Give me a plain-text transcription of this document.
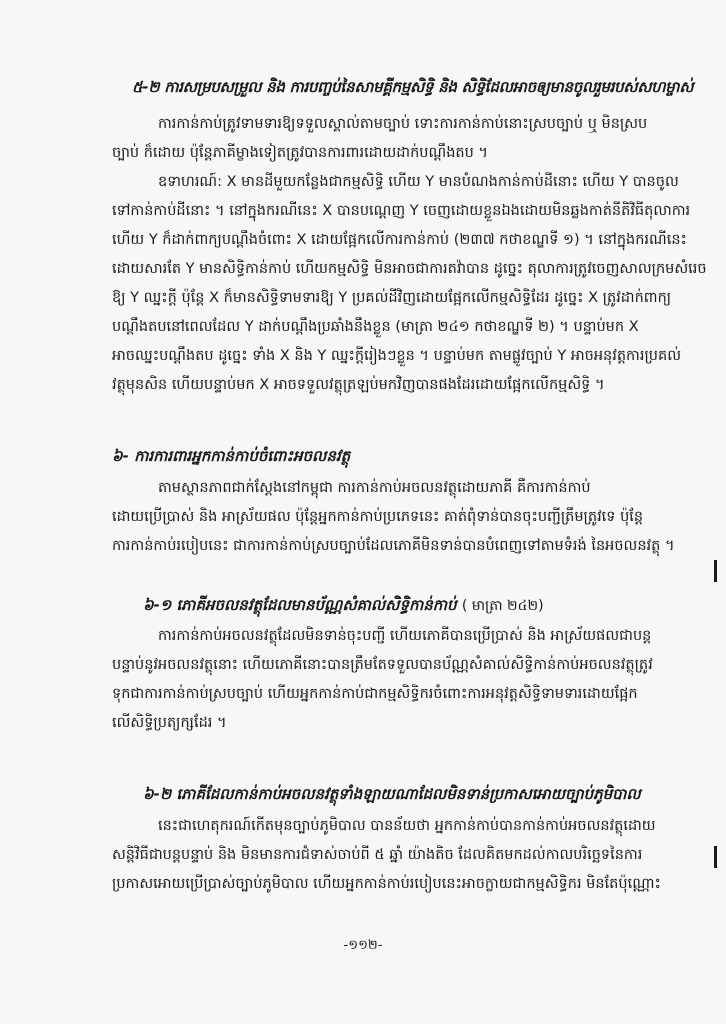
៥-២ ការសម្របសម្រួល និង ការបញ្ចប់នៃសាមគ្គីកម្មសិទ្ធិ និង សិទ្ធិដែលអាចឲ្យមានចូលរួមរបស់សហម្ចាស់
ការកាន់កាប់ត្រូវទាមទារឱ្យទទួលស្គាល់តាមច្បាប់ ទោះការកាន់កាប់នោះស្របច្បាប់ ឬ មិនស្រប
ច្បាប់ ក៏ដោយ ប៉ុន្តែភាគីម្ខាងទៀតត្រូវបានការពារដោយដាក់បណ្តឹងតប ។
ឧទាហរណ៍: X មានដីមួយកន្លែងជាកម្មសិទ្ធិ ហើយ Y មានបំណងកាន់កាប់ដីនោះ ហើយ Y បានចូល
ទៅកាន់កាប់ដីនោះ ។ នៅក្នុងករណីនេះ X បានបណ្តេញ Y ចេញដោយខ្លួនឯងដោយមិនឆ្លងកាត់នីតិវិធីតុលាការ
ហើយ Y ក៏ដាក់ពាក្យបណ្តឹងចំពោះ X ដោយផ្អែកលើការកាន់កាប់ (២៣៧ កថាខណ្ឌទី ១) ។ នៅក្នុងករណីនេះ
ដោយសារតែ Y មានសិទ្ធិកាន់កាប់ ហើយកម្មសិទ្ធិ មិនអាចជាការតវ៉ាបាន ដូច្នេះ តុលាការត្រូវចេញសាលក្រមសំរេច
ឱ្យ Y ឈ្នះក្តី ប៉ុន្តែ X ក៏មានសិទ្ធិទាមទារឱ្យ Y ប្រគល់ដីវិញដោយផ្អែកលើកម្មសិទ្ធិដែរ ដូច្នេះ X ត្រូវដាក់ពាក្យ
បណ្តឹងតបនៅពេលដែល Y ដាក់បណ្តឹងប្រឆាំងនឹងខ្លួន (មាត្រា ២៤១ កថាខណ្ឌទី ២) ។ បន្ទាប់មក X
អាចឈ្នះបណ្តឹងតប ដូច្នេះ ទាំង X និង Y ឈ្នះក្តីរៀងៗខ្លួន ។ បន្ទាប់មក តាមផ្លូវច្បាប់ Y អាចអនុវត្តការប្រគល់
វត្ថុមុនសិន ហើយបន្ទាប់មក X អាចទទួលវត្ថុត្រឡប់មកវិញបានផងដែរដោយផ្អែកលើកម្មសិទ្ធិ ។
៦- ការការពារអ្នកកាន់កាប់ចំពោះអចលនវត្ថុ
តាមស្ថានភាពជាក់ស្តែងនៅកម្ពុជា ការកាន់កាប់អចលនវត្ថុដោយភាគី គឺការកាន់កាប់
ដោយប្រើប្រាស់ និង អាស្រ័យផល ប៉ុន្តែអ្នកកាន់កាប់ប្រភេទនេះ គាត់ពុំទាន់បានចុះបញ្ជីត្រឹមត្រូវទេ ប៉ុន្តែ
ការកាន់កាប់របៀបនេះ ជាការកាន់កាប់ស្របច្បាប់ដែលភោគីមិនទាន់បានបំពេញទៅតាមទំរង់ នៃអចលនវត្ថុ ។
៦-១ ភោគីអចលនវត្ថុដែលមានប័ណ្ណសំគាល់សិទ្ធិកាន់កាប់ ( មាត្រា ២៤២)
ការកាន់កាប់អចលនវត្ថុដែលមិនទាន់ចុះបញ្ជី ហើយភោគីបានប្រើប្រាស់ និង អាស្រ័យផលជាបន្ត
បន្ទាប់នូវអចលនវត្ថុនោះ ហើយភោគីនោះបានត្រឹមតែទទួលបានប័ណ្ណសំគាល់សិទ្ធិកាន់កាប់អចលនវត្ថុត្រូវ
ទុកជាការកាន់កាប់ស្របច្បាប់ ហើយអ្នកកាន់កាប់ជាកម្មសិទ្ធិករចំពោះការអនុវត្តសិទ្ធិទាមទារដោយផ្អែក
លើសិទ្ធិប្រត្យក្សដែរ ។
៦-២ ភោគីដែលកាន់កាប់អចលនវត្ថុទាំងឡាយណាដែលមិនទាន់ប្រកាសអោយច្បាប់ភូមិបាល
នេះជាហេតុករណ៍កើតមុនច្បាប់ភូមិបាល បានន័យថា អ្នកកាន់កាប់បានកាន់កាប់អចលនវត្ថុដោយ
សន្តិវិធីជាបន្តបន្ទាប់ និង មិនមានការជំទាស់ចាប់ពី ៥ ឆ្នាំ យ៉ាងតិច ដែលគិតមកដល់កាលបរិច្ឆេទនៃការ
ប្រកាសអោយប្រើប្រាស់ច្បាប់ភូមិបាល ហើយអ្នកកាន់កាប់របៀបនេះអាចក្លាយជាកម្មសិទ្ធិករ មិនតែប៉ុណ្ណោះ
-១១២-
